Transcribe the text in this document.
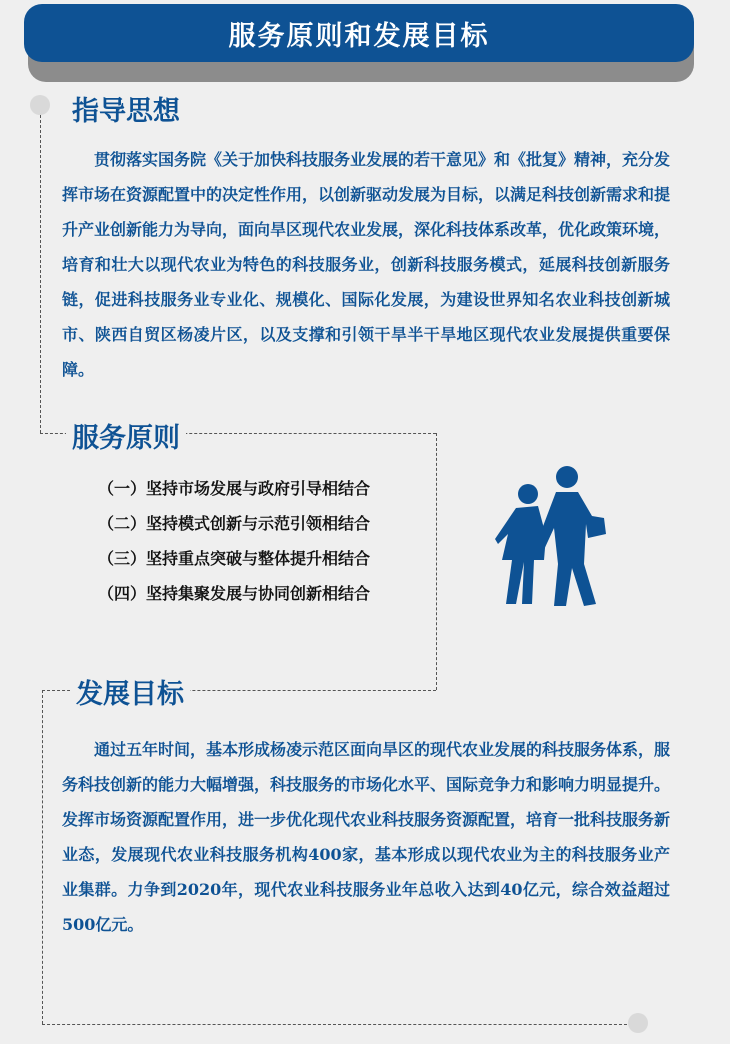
服务原则和发展目标
指导思想

贯彻落实国务院《关于加快科技服务业发展的若干意见》和《批复》精神，充分发挥市场在资源配置中的决定性作用，以创新驱动发展为目标，以满足科技创新需求和提升产业创新能力为导向，面向旱区现代农业发展，深化科技体系改革，优化政策环境，培育和壮大以现代农业为特色的科技服务业，创新科技服务模式，延展科技创新服务链，促进科技服务业专业化、规模化、国际化发展，为建设世界知名农业科技创新城市、陕西自贸区杨凌片区，以及支撑和引领干旱半干旱地区现代农业发展提供重要保障。

服务原则
（一）坚持市场发展与政府引导相结合
（二）坚持模式创新与示范引领相结合
（三）坚持重点突破与整体提升相结合
（四）坚持集聚发展与协同创新相结合
发展目标

通过五年时间，基本形成杨凌示范区面向旱区的现代农业发展的科技服务体系，服务科技创新的能力大幅增强，科技服务的市场化水平、国际竞争力和影响力明显提升。发挥市场资源配置作用，进一步优化现代农业科技服务资源配置，培育一批科技服务新业态，发展现代农业科技服务机构400家，基本形成以现代农业为主的科技服务业产业集群。力争到2020年，现代农业科技服务业年总收入达到40亿元，综合效益超过500亿元。
